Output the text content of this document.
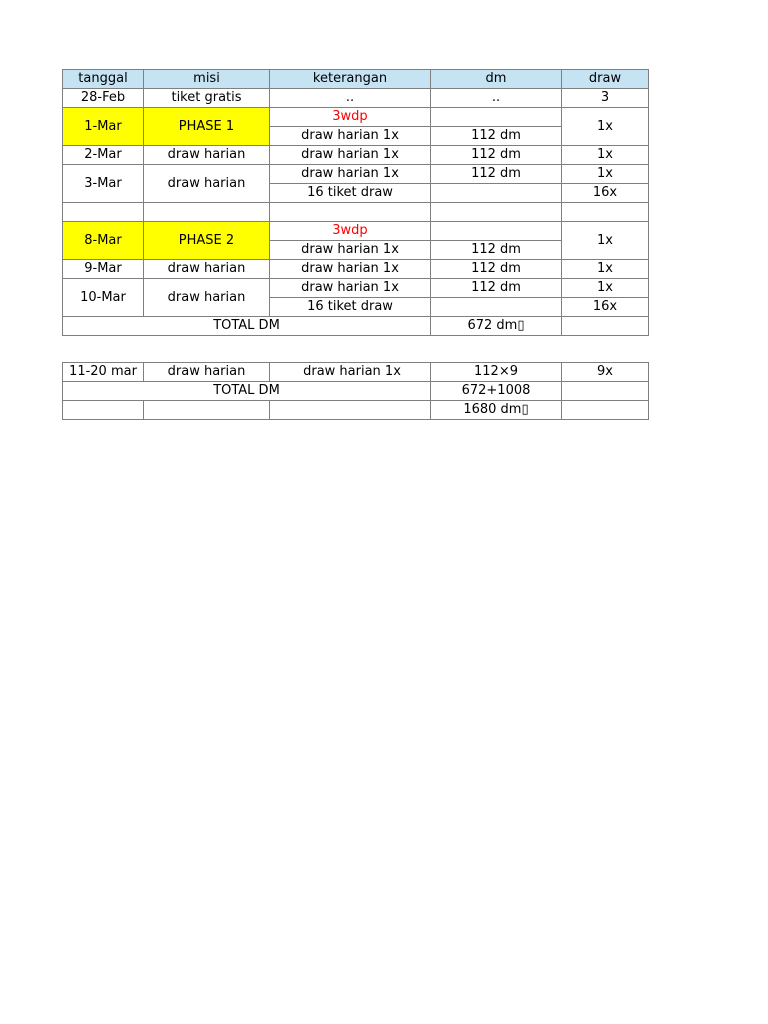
tanggal	misi	keterangan	dm	draw
28-Feb	tiket gratis	..	..	3
1-Mar	PHASE 1	3wdp		1x
		draw harian 1x	112 dm	
2-Mar	draw harian	draw harian 1x	112 dm	1x
3-Mar	draw harian	draw harian 1x	112 dm	1x
		16 tiket draw		16x

8-Mar	PHASE 2	3wdp		1x
		draw harian 1x	112 dm	
9-Mar	draw harian	draw harian 1x	112 dm	1x
10-Mar	draw harian	draw harian 1x	112 dm	1x
		16 tiket draw		16x
TOTAL DM			672 dm▯	
11-20 mar	draw harian	draw harian 1x	112×9	9x
TOTAL DM			672+1008	
			1680 dm▯	
